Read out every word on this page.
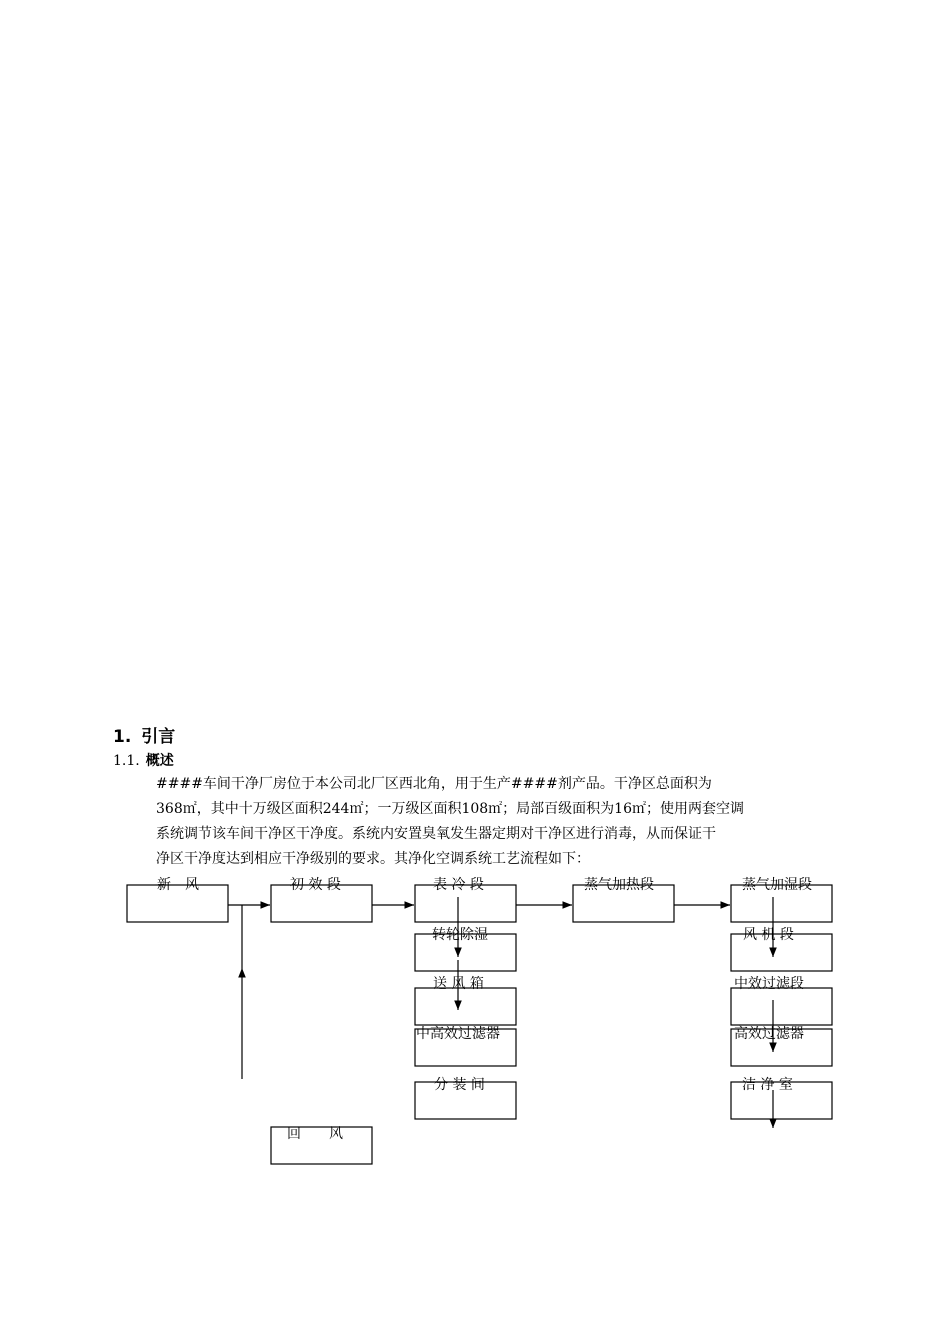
1. 引言
1.1. 概述
####车间干净厂房位于本公司北厂区西北角，用于生产####剂产品。干净区总面积为
368㎡，其中十万级区面积244㎡；一万级区面积108㎡；局部百级面积为16㎡；使用两套空调
系统调节该车间干净区干净度。系统内安置臭氧发生器定期对干净区进行消毒，从而保证干
净区干净度达到相应干净级别的要求。其净化空调系统工艺流程如下：
新　风	初 效 段	表 冷 段	蒸气加热段	蒸气加湿段
转轮除湿
送 风 箱
中高效过滤器
分 装 间
风 机 段
中效过滤段
高效过滤器
洁 净 室
回　　风
